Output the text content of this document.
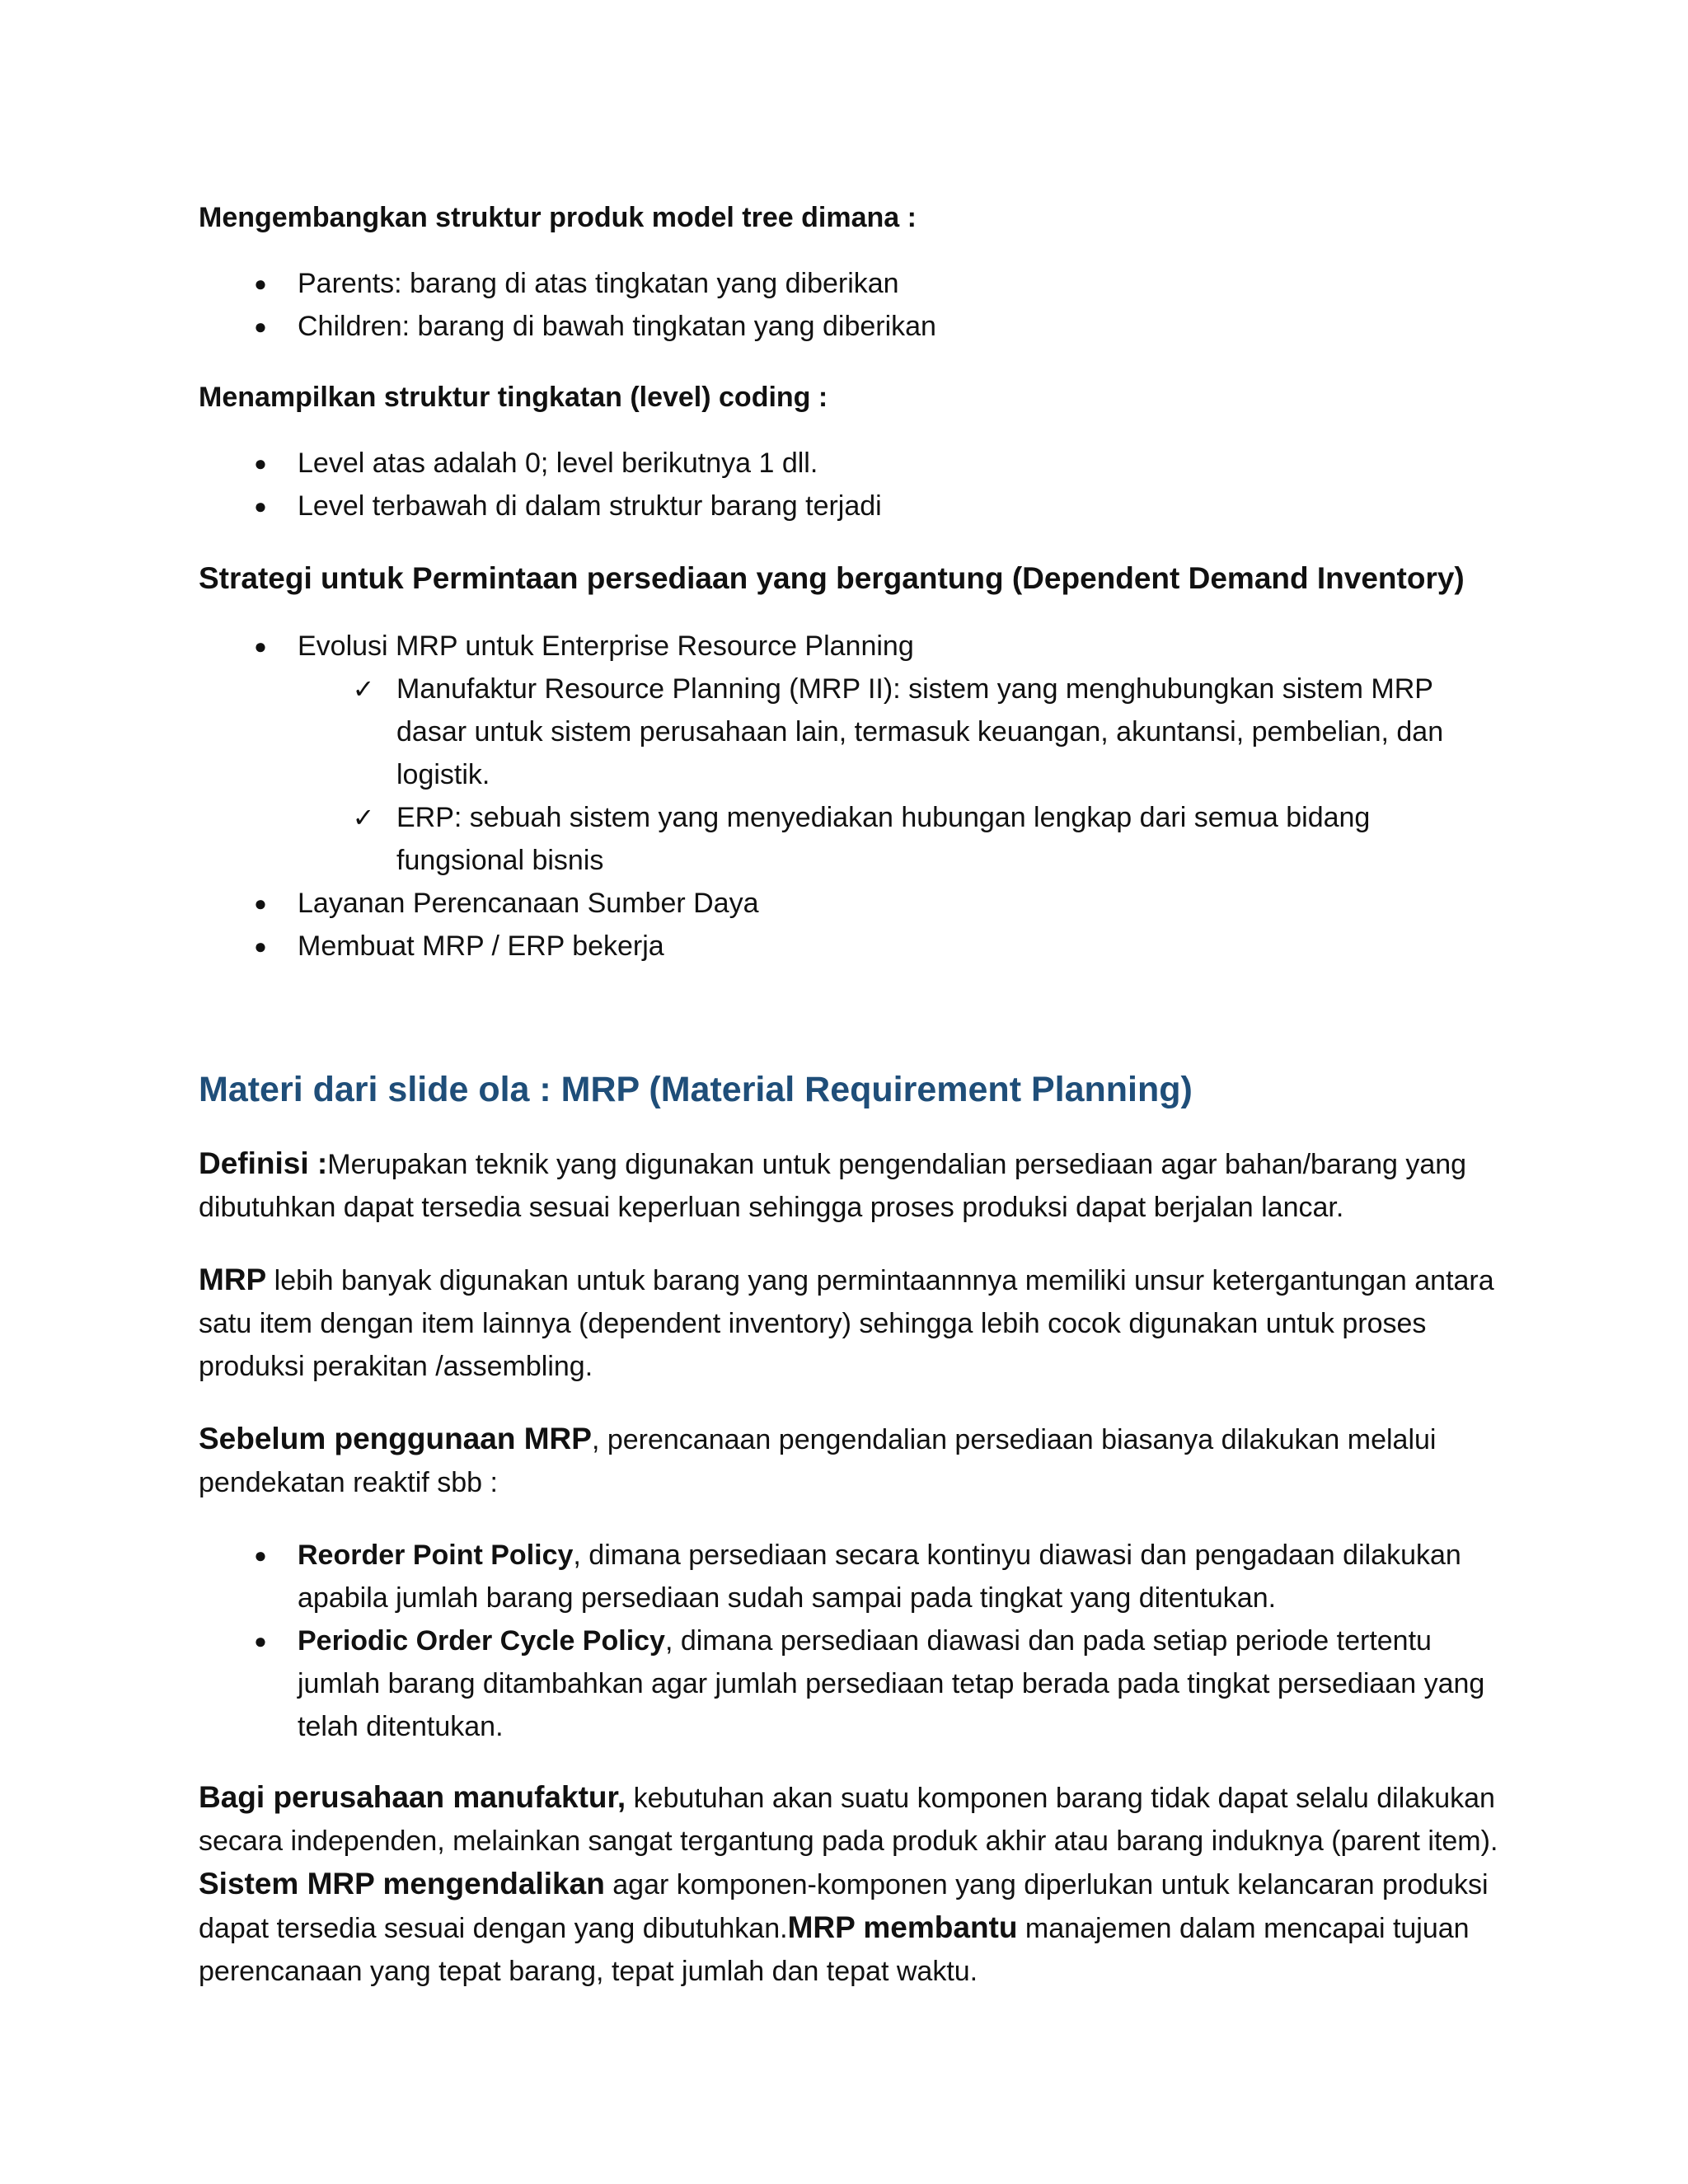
Mengembangkan struktur produk model tree dimana :

● Parents: barang di atas tingkatan yang diberikan
● Children: barang di bawah tingkatan yang diberikan

Menampilkan struktur tingkatan (level) coding :

● Level atas adalah 0; level berikutnya 1 dll.
● Level terbawah di dalam struktur barang terjadi

Strategi untuk Permintaan persediaan yang bergantung (Dependent Demand Inventory)

● Evolusi MRP untuk Enterprise Resource Planning
✓ Manufaktur Resource Planning (MRP II): sistem yang menghubungkan sistem MRP dasar untuk sistem perusahaan lain, termasuk keuangan, akuntansi, pembelian, dan logistik.
✓ ERP: sebuah sistem yang menyediakan hubungan lengkap dari semua bidang fungsional bisnis
● Layanan Perencanaan Sumber Daya
● Membuat MRP / ERP bekerja
Materi dari slide ola : MRP (Material Requirement Planning)

Definisi :Merupakan teknik yang digunakan untuk pengendalian persediaan agar bahan/barang yang dibutuhkan dapat tersedia sesuai keperluan sehingga proses produksi dapat berjalan lancar.

MRP lebih banyak digunakan untuk barang yang permintaannnya memiliki unsur ketergantungan antara satu item dengan item lainnya (dependent inventory) sehingga lebih cocok digunakan untuk proses produksi perakitan /assembling.

Sebelum penggunaan MRP, perencanaan pengendalian persediaan biasanya dilakukan melalui pendekatan reaktif sbb :

● Reorder Point Policy, dimana persediaan secara kontinyu diawasi dan pengadaan dilakukan apabila jumlah barang persediaan sudah sampai pada tingkat yang ditentukan.
● Periodic Order Cycle Policy, dimana persediaan diawasi dan pada setiap periode tertentu jumlah barang ditambahkan agar jumlah persediaan tetap berada pada tingkat persediaan yang telah ditentukan.

Bagi perusahaan manufaktur, kebutuhan akan suatu komponen barang tidak dapat selalu dilakukan secara independen, melainkan sangat tergantung pada produk akhir atau barang induknya (parent item). Sistem MRP mengendalikan agar komponen-komponen yang diperlukan untuk kelancaran produksi dapat tersedia sesuai dengan yang dibutuhkan.MRP membantu manajemen dalam mencapai tujuan perencanaan yang tepat barang, tepat jumlah dan tepat waktu.
